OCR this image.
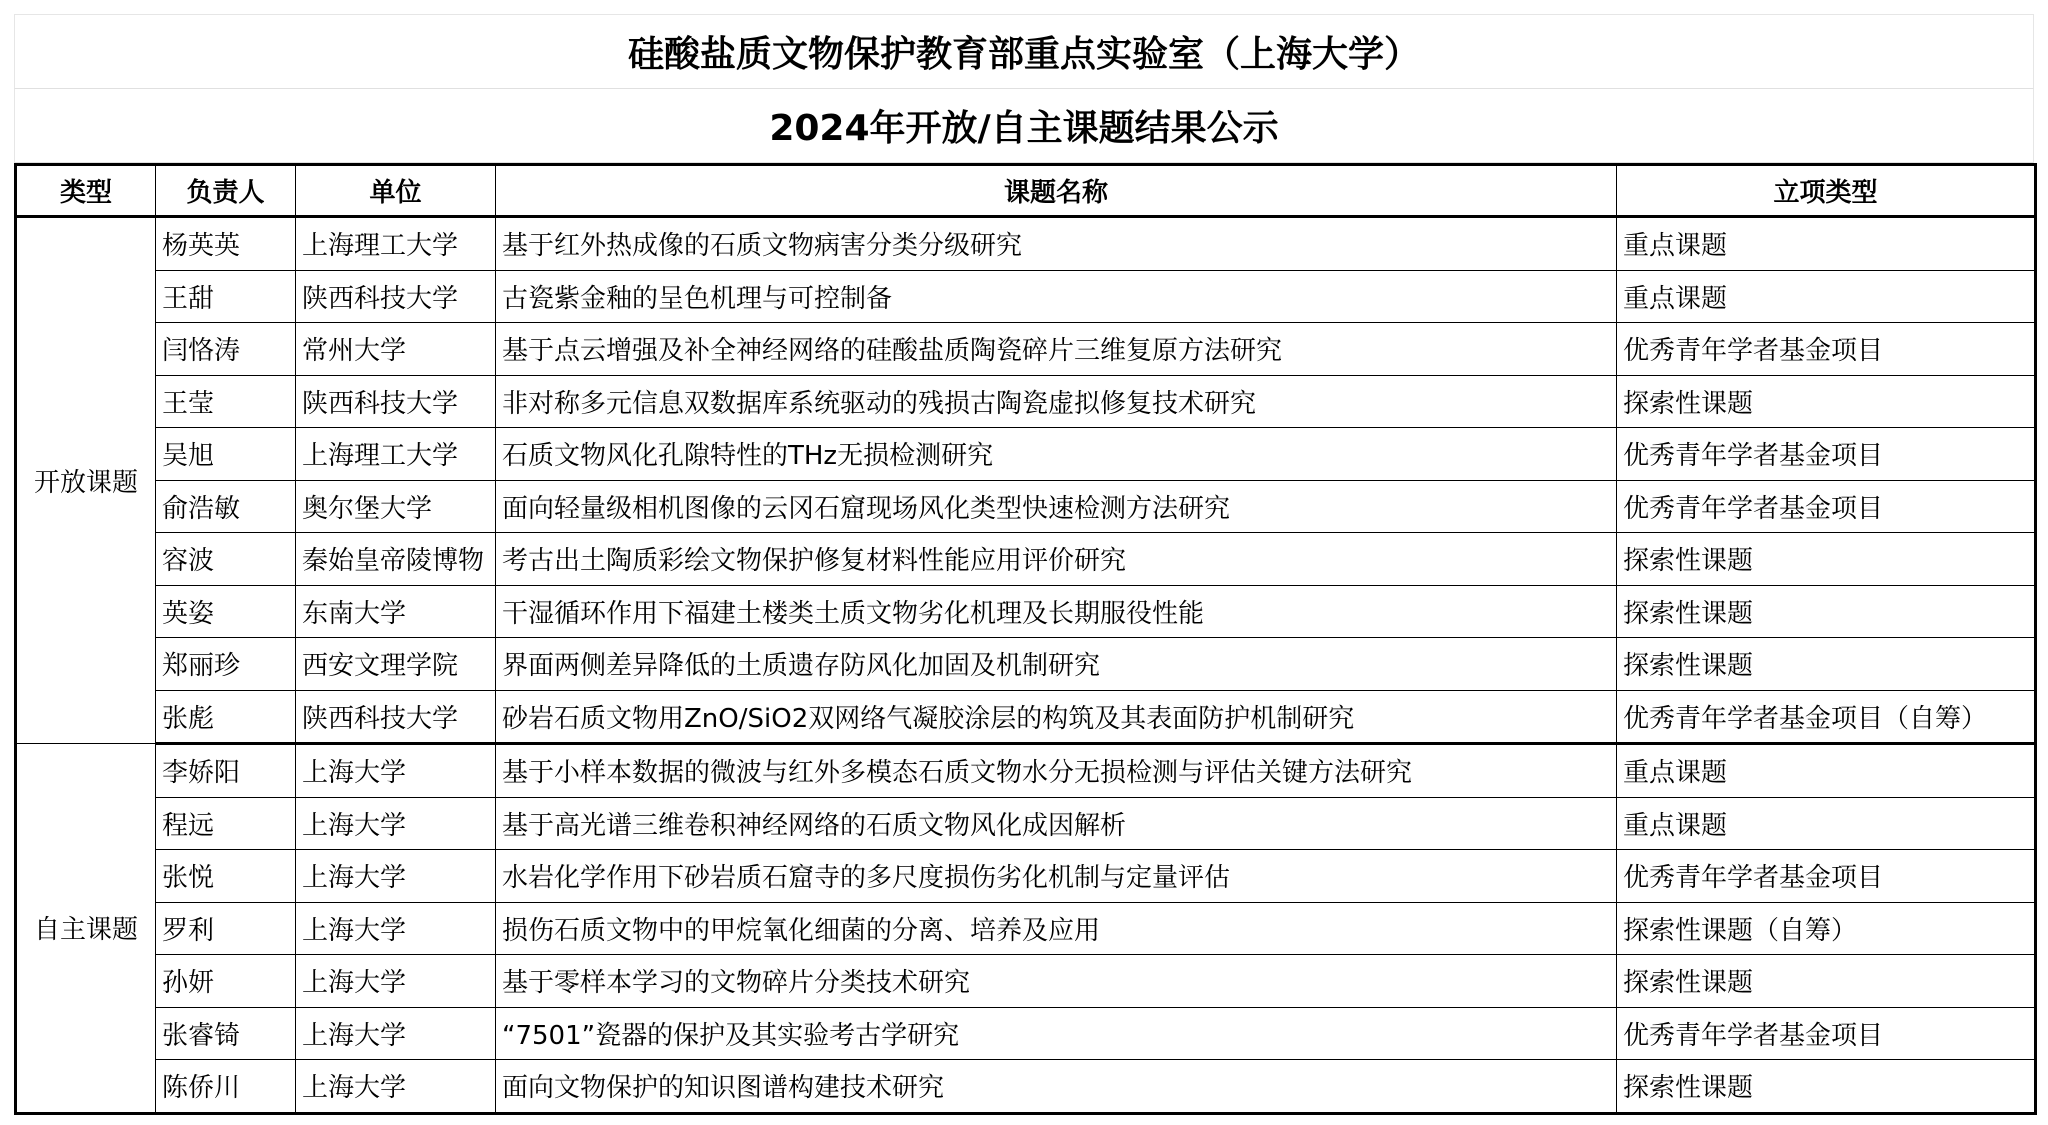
硅酸盐质文物保护教育部重点实验室（上海大学）
2024年开放/自主课题结果公示
类型	负责人	单位	课题名称	立项类型
开放课题	杨英英	上海理工大学	基于红外热成像的石质文物病害分类分级研究	重点课题
	王甜	陕西科技大学	古瓷紫金釉的呈色机理与可控制备	重点课题
	闫恪涛	常州大学	基于点云增强及补全神经网络的硅酸盐质陶瓷碎片三维复原方法研究	优秀青年学者基金项目
	王莹	陕西科技大学	非对称多元信息双数据库系统驱动的残损古陶瓷虚拟修复技术研究	探索性课题
	吴旭	上海理工大学	石质文物风化孔隙特性的THz无损检测研究	优秀青年学者基金项目
	俞浩敏	奥尔堡大学	面向轻量级相机图像的云冈石窟现场风化类型快速检测方法研究	优秀青年学者基金项目
	容波	秦始皇帝陵博物	考古出土陶质彩绘文物保护修复材料性能应用评价研究	探索性课题
	英姿	东南大学	干湿循环作用下福建土楼类土质文物劣化机理及长期服役性能	探索性课题
	郑丽珍	西安文理学院	界面两侧差异降低的土质遗存防风化加固及机制研究	探索性课题
	张彪	陕西科技大学	砂岩石质文物用ZnO/SiO2双网络气凝胶涂层的构筑及其表面防护机制研究	优秀青年学者基金项目（自筹）
自主课题	李娇阳	上海大学	基于小样本数据的微波与红外多模态石质文物水分无损检测与评估关键方法研究	重点课题
	程远	上海大学	基于高光谱三维卷积神经网络的石质文物风化成因解析	重点课题
	张悦	上海大学	水岩化学作用下砂岩质石窟寺的多尺度损伤劣化机制与定量评估	优秀青年学者基金项目
	罗利	上海大学	损伤石质文物中的甲烷氧化细菌的分离、培养及应用	探索性课题（自筹）
	孙妍	上海大学	基于零样本学习的文物碎片分类技术研究	探索性课题
	张睿锜	上海大学	“7501”瓷器的保护及其实验考古学研究	优秀青年学者基金项目
	陈侨川	上海大学	面向文物保护的知识图谱构建技术研究	探索性课题
